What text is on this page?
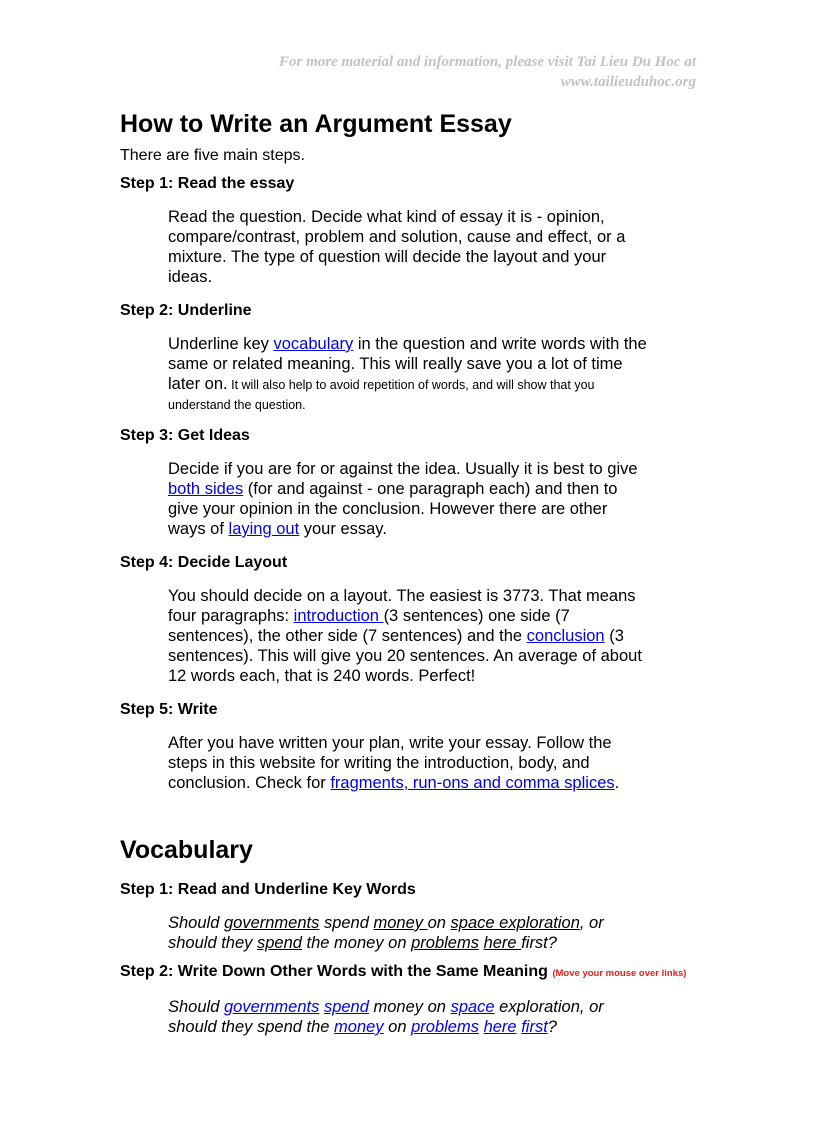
For more material and information, please visit Tai Lieu Du Hoc at
www.tailieuduhoc.org
How to Write an Argument Essay

There are five main steps.

Step 1: Read the essay

Read the question. Decide what kind of essay it is - opinion, compare/contrast, problem and solution, cause and effect, or a mixture. The type of question will decide the layout and your ideas.

Step 2: Underline

Underline key vocabulary in the question and write words with the same or related meaning. This will really save you a lot of time later on. It will also help to avoid repetition of words, and will show that you understand the question.

Step 3: Get Ideas

Decide if you are for or against the idea. Usually it is best to give both sides (for and against - one paragraph each) and then to give your opinion in the conclusion. However there are other ways of laying out your essay.

Step 4: Decide Layout

You should decide on a layout. The easiest is 3773. That means four paragraphs: introduction (3 sentences) one side (7 sentences), the other side (7 sentences) and the conclusion (3 sentences). This will give you 20 sentences. An average of about 12 words each, that is 240 words. Perfect!

Step 5: Write

After you have written your plan, write your essay. Follow the steps in this website for writing the introduction, body, and conclusion. Check for fragments, run-ons and comma splices.

Vocabulary

Step 1: Read and Underline Key Words

Should governments spend money on space exploration, or should they spend the money on problems here first?

Step 2: Write Down Other Words with the Same Meaning (Move your mouse over links)

Should governments spend money on space exploration, or should they spend the money on problems here first?
